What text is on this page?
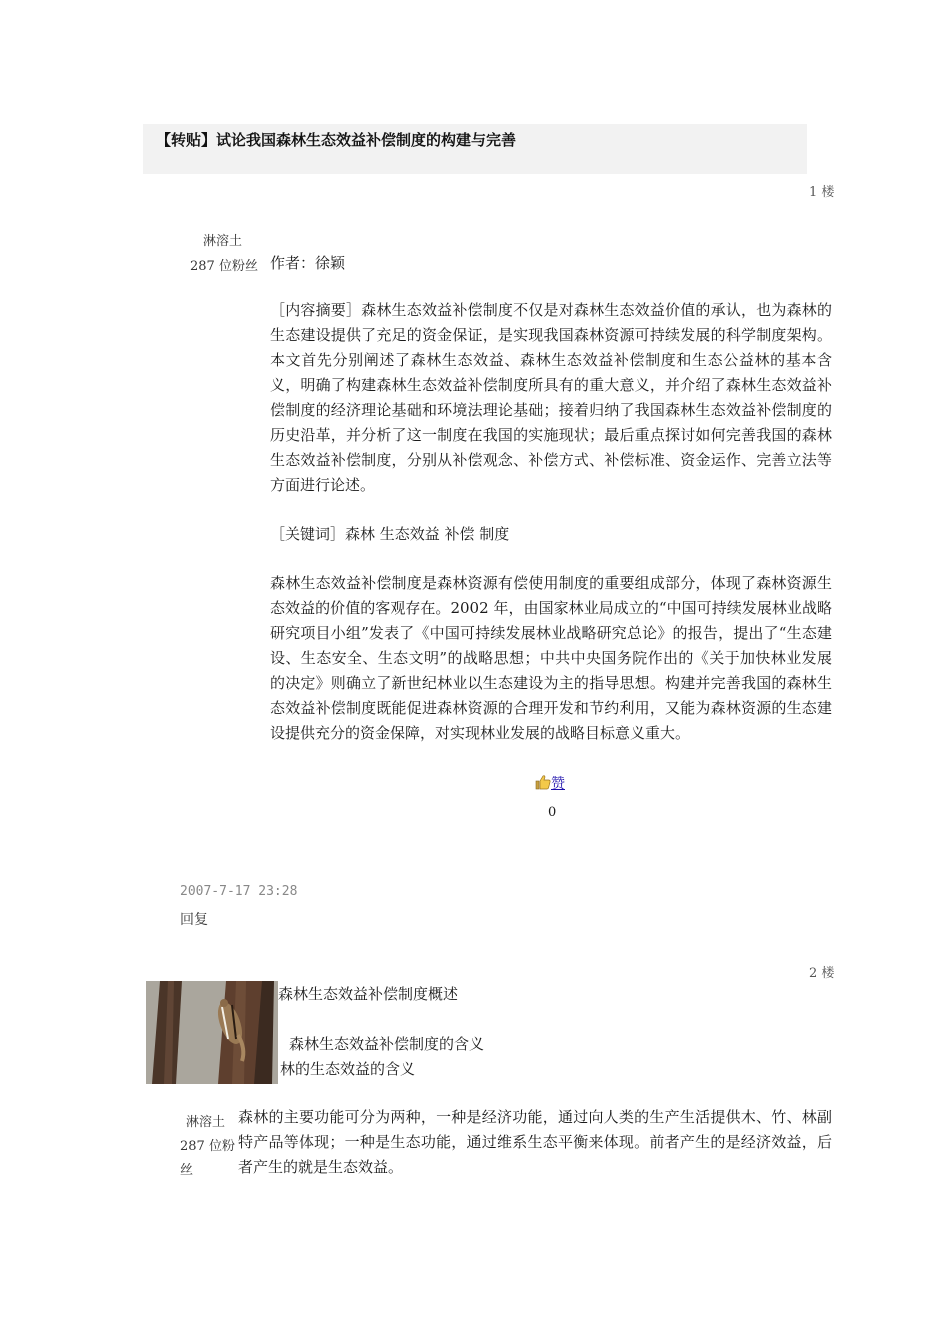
【转贴】试论我国森林生态效益补偿制度的构建与完善
1 楼
淋溶土
287 位粉丝 作者：徐颖

［内容摘要］森林生态效益补偿制度不仅是对森林生态效益价值的承认，也为森林的生态建设提供了充足的资金保证，是实现我国森林资源可持续发展的科学制度架构。本文首先分别阐述了森林生态效益、森林生态效益补偿制度和生态公益林的基本含义，明确了构建森林生态效益补偿制度所具有的重大意义，并介绍了森林生态效益补偿制度的经济理论基础和环境法理论基础；接着归纳了我国森林生态效益补偿制度的历史沿革，并分析了这一制度在我国的实施现状；最后重点探讨如何完善我国的森林生态效益补偿制度，分别从补偿观念、补偿方式、补偿标准、资金运作、完善立法等方面进行论述。

［关键词］森林 生态效益 补偿 制度

森林生态效益补偿制度是森林资源有偿使用制度的重要组成部分，体现了森林资源生态效益的价值的客观存在。2002 年，由国家林业局成立的“中国可持续发展林业战略研究项目小组”发表了《中国可持续发展林业战略研究总论》的报告，提出了“生态建设、生态安全、生态文明”的战略思想；中共中央国务院作出的《关于加快林业发展的决定》则确立了新世纪林业以生态建设为主的指导思想。构建并完善我国的森林生态效益补偿制度既能促进森林资源的合理开发和节约利用，又能为森林资源的生态建设提供充分的资金保障，对实现林业发展的战略目标意义重大。

赞
0
2007-7-17 23:28
回复
2 楼
森林生态效益补偿制度概述
森林生态效益补偿制度的含义
林的生态效益的含义
淋溶土
287 位粉丝

森林的主要功能可分为两种，一种是经济功能，通过向人类的生产生活提供木、竹、林副特产品等体现；一种是生态功能，通过维系生态平衡来体现。前者产生的是经济效益，后者产生的就是生态效益。
